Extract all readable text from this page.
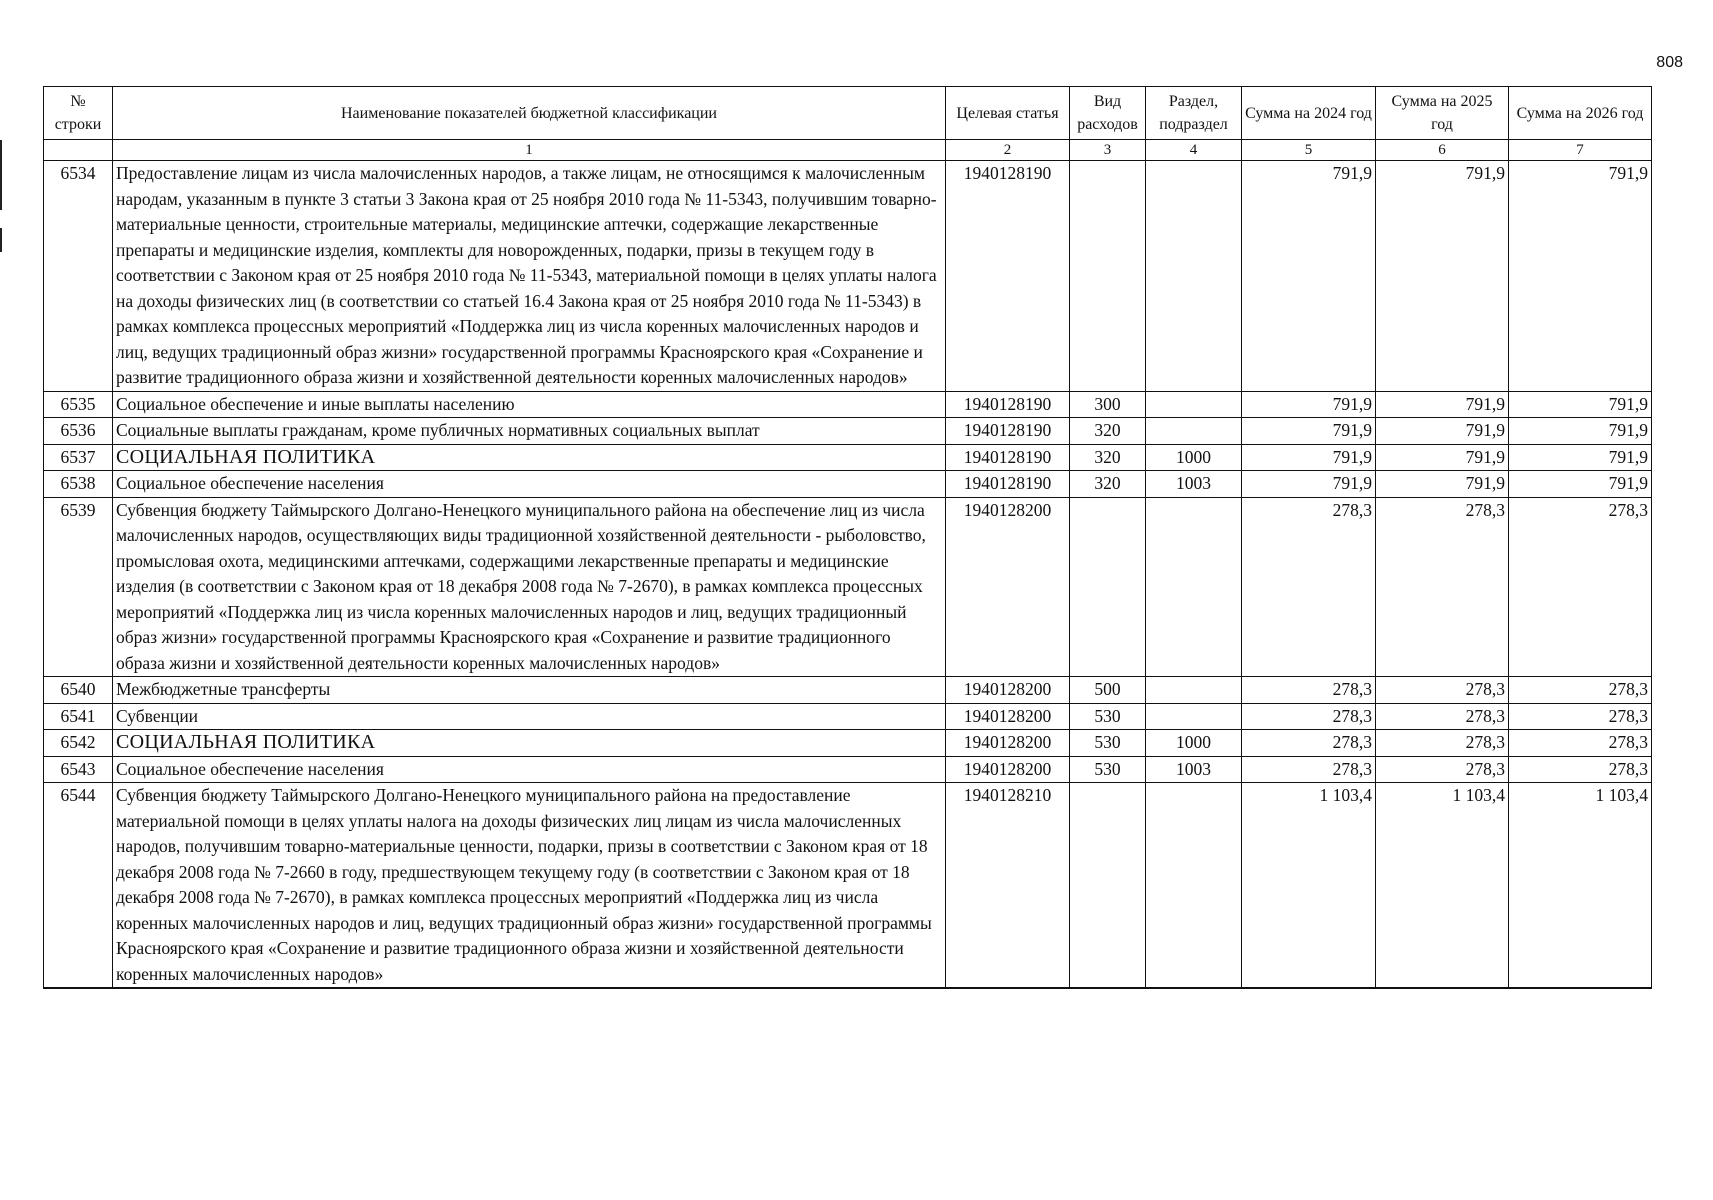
808
№ строки	Наименование показателей бюджетной классификации	Целевая статья	Вид расходов	Раздел, подраздел	Сумма на 2024 год	Сумма на 2025 год	Сумма на 2026 год
	1	2	3	4	5	6	7
6534	Предоставление лицам из числа малочисленных народов, а также лицам, не относящимся к малочисленным народам, указанным в пункте 3 статьи 3 Закона края от 25 ноября 2010 года № 11-5343, получившим товарно-материальные ценности, строительные материалы, медицинские аптечки, содержащие лекарственные препараты и медицинские изделия, комплекты для новорожденных, подарки, призы в текущем году в соответствии с Законом края от 25 ноября 2010 года № 11-5343, материальной помощи в целях уплаты налога на доходы физических лиц (в соответствии со статьей 16.4 Закона края от 25 ноября 2010 года № 11-5343) в рамках комплекса процессных мероприятий «Поддержка лиц из числа коренных малочисленных народов и лиц, ведущих традиционный образ жизни» государственной программы Красноярского края «Сохранение и развитие традиционного образа жизни и хозяйственной деятельности коренных малочисленных народов»	1940128190			791,9	791,9	791,9
6535	Социальное обеспечение и иные выплаты населению	1940128190	300		791,9	791,9	791,9
6536	Социальные выплаты гражданам, кроме публичных нормативных социальных выплат	1940128190	320		791,9	791,9	791,9
6537	СОЦИАЛЬНАЯ ПОЛИТИКА	1940128190	320	1000	791,9	791,9	791,9
6538	Социальное обеспечение населения	1940128190	320	1003	791,9	791,9	791,9
6539	Субвенция бюджету Таймырского Долгано-Ненецкого муниципального района на обеспечение лиц из числа малочисленных народов, осуществляющих виды традиционной хозяйственной деятельности - рыболовство, промысловая охота, медицинскими аптечками, содержащими лекарственные препараты и медицинские изделия (в соответствии с Законом края от 18 декабря 2008 года № 7-2670), в рамках комплекса процессных мероприятий «Поддержка лиц из числа коренных малочисленных народов и лиц, ведущих традиционный образ жизни» государственной программы Красноярского края «Сохранение и развитие традиционного образа жизни и хозяйственной деятельности коренных малочисленных народов»	1940128200			278,3	278,3	278,3
6540	Межбюджетные трансферты	1940128200	500		278,3	278,3	278,3
6541	Субвенции	1940128200	530		278,3	278,3	278,3
6542	СОЦИАЛЬНАЯ ПОЛИТИКА	1940128200	530	1000	278,3	278,3	278,3
6543	Социальное обеспечение населения	1940128200	530	1003	278,3	278,3	278,3
6544	Субвенция бюджету Таймырского Долгано-Ненецкого муниципального района на предоставление материальной помощи в целях уплаты налога на доходы физических лиц лицам из числа малочисленных народов, получившим товарно-материальные ценности, подарки, призы в соответствии с Законом края от 18 декабря 2008 года № 7-2660 в году, предшествующем текущему году (в соответствии с Законом края от 18 декабря 2008 года № 7-2670), в рамках комплекса процессных мероприятий «Поддержка лиц из числа коренных малочисленных народов и лиц, ведущих традиционный образ жизни» государственной программы Красноярского края «Сохранение и развитие традиционного образа жизни и хозяйственной деятельности коренных малочисленных народов»	1940128210			1 103,4	1 103,4	1 103,4
